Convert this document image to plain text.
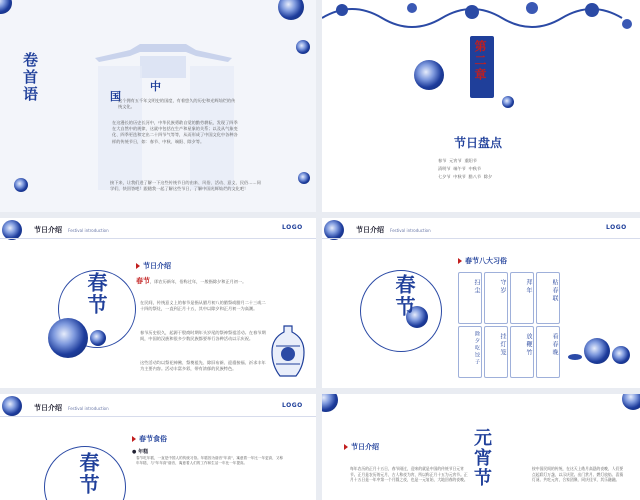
卷首语	中
国
这个拥有五千年文明史的国度，有着悠久的历史和光辉灿烂的传统文化。
在这漫长的历史长河中，中华民族勇敢自觉的勤劳耕耘，发现了四季在大自然中的规律，这就中包括在生产和星象的关系；以及从气象变化、四季更迭和定出二十四节气等等，从而形成了中国文化中各种各样的传统节日，如：春节、中秋、端阳、除夕等。
接下来，让我们进了解一下这些传统节日的由来、风俗、活动、意义、民俗……同学们，快回答吧！跟随我一起了解这些节日，了解中国光辉灿烂的文化吧！
第二章
节日盘点
春节 元宵节 重阳节
清明节 端午节 中秋节
七夕节 中秋节 腊八节 除夕
节日介绍 Festival introduction	LOGO
春节
节日介绍
春节，即农历新年，俗称过年，一般指除夕和正月初一。
在民间，传统意义上的春节是指从腊月初八的腊祭或腊月二十三或二十四的祭灶，一直到正月十五，其中以除夕和正月初一为高潮。
春节历史很久，起源于殷商时期年头岁尾的祭神祭祖活动。在春节期间，中国的汉族和很多少数民族都要举行各种活动以示庆祝。
这些活动均以祭祀神佛、祭奠祖先、除旧布新、迎禧接福、祈求丰年为主要内容。活动丰富多彩，带有浓郁的民族特色。
节日介绍 Festival introduction	LOGO
春节
春节八大习俗
扫尘	守岁	拜年	贴春联
除夕吃饺子	挂灯笼	放鞭竹	看春晚
节日介绍 Festival introduction	LOGO
春节
春节食俗
● 年糕
春节吃年糕，一直是中国人的传统习俗。年糕因为谐音"年高"，寓意着一年比一年更高，又称年年糕，与"年年高"谐音，寓意着人们的工作和生活一年比一年提高。
节日介绍
每年农历的正月十五日，春节刚过，迎来的就是中国的传统节日元宵节。正月是农历的元月，古人称夜为宵，所以称正月十五为元宵节。正月十五日是一年中第一个月圆之夜，也是一元复始，大地回春的夜晚。 元宵节	按中国民间的传统，在这天上皓月高悬的夜晚，人们要点起彩灯万盏，以示庆贺。出门赏月、燃灯放焰、喜猜灯谜、共吃元宵，合家团聚、同庆佳节，其乐融融。
